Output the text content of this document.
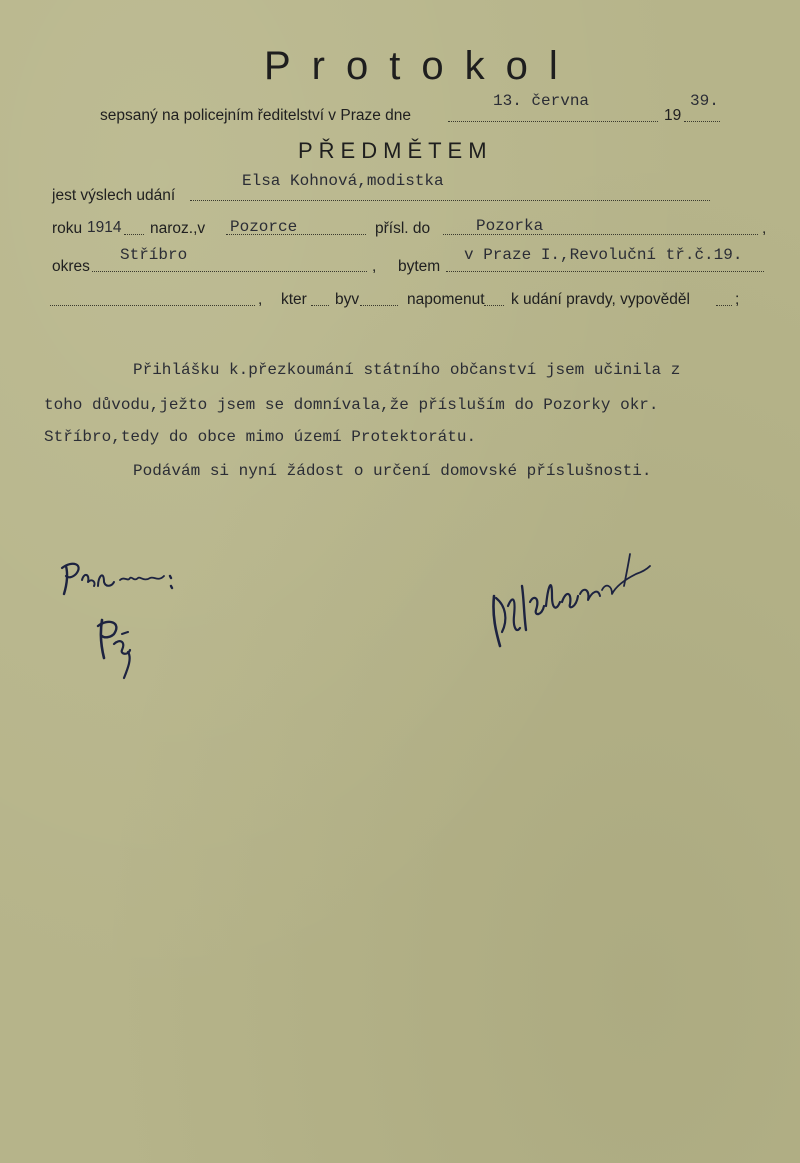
Protokol
sepsaný na policejním ředitelství v Praze dne
13. června
19
39.
PŘEDMĚTEM
jest výslech udání
Elsa Kohnová,modistka
roku 1914 naroz.,v Pozorce	přísl. do	Pozorka	,
okres
Stříbro
, bytem
v Praze I.,Revoluční tř.č.19.
, kter byv	napomenut k udání pravdy, vypověděl	;
Přihlášku k.přezkoumání státního občanství jsem učinila z
toho důvodu,ježto jsem se domnívala,že přísluším do Pozorky okr.
Stříbro,tedy do obce mimo území Protektorátu.
Podávám si nyní žádost o určení domovské příslušnosti.
